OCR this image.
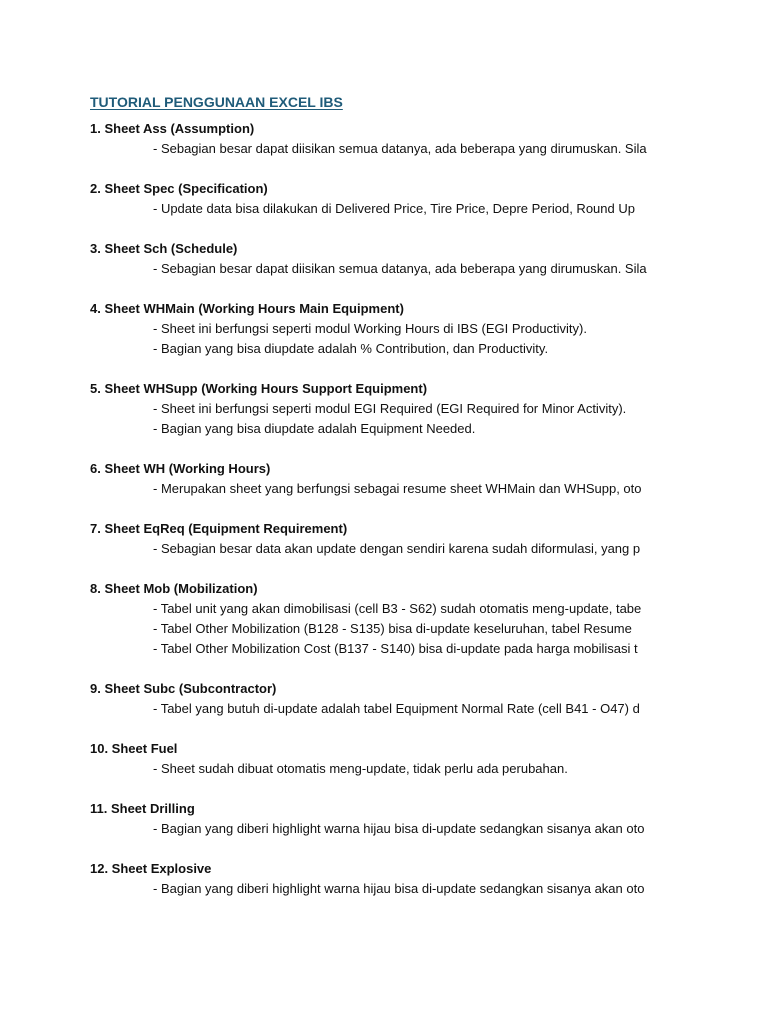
TUTORIAL PENGGUNAAN EXCEL IBS
1. Sheet Ass (Assumption)
- Sebagian besar dapat diisikan semua datanya, ada beberapa yang dirumuskan. Sila
2. Sheet Spec (Specification)
- Update data bisa dilakukan di Delivered Price, Tire Price, Depre Period, Round Up
3. Sheet Sch (Schedule)
- Sebagian besar dapat diisikan semua datanya, ada beberapa yang dirumuskan. Sila
4. Sheet WHMain (Working Hours Main Equipment)
- Sheet ini berfungsi seperti modul Working Hours di IBS (EGI Productivity).
- Bagian yang bisa diupdate adalah % Contribution, dan Productivity.
5. Sheet WHSupp (Working Hours Support Equipment)
- Sheet ini berfungsi seperti modul EGI Required (EGI Required for Minor Activity).
- Bagian yang bisa diupdate adalah Equipment Needed.
6. Sheet WH (Working Hours)
- Merupakan sheet yang berfungsi sebagai resume sheet WHMain dan WHSupp, oto
7. Sheet EqReq (Equipment Requirement)
- Sebagian besar data akan update dengan sendiri karena sudah diformulasi, yang p
8. Sheet Mob (Mobilization)
- Tabel unit yang akan dimobilisasi (cell B3 - S62) sudah otomatis meng-update, tabe
- Tabel Other Mobilization (B128 - S135) bisa di-update keseluruhan, tabel Resume
- Tabel Other Mobilization Cost (B137 - S140) bisa di-update pada harga mobilisasi t
9. Sheet Subc (Subcontractor)
- Tabel yang butuh di-update adalah tabel Equipment Normal Rate (cell B41 - O47) d
10. Sheet Fuel
- Sheet sudah dibuat otomatis meng-update, tidak perlu ada perubahan.
11. Sheet Drilling
- Bagian yang diberi highlight warna hijau bisa di-update sedangkan sisanya akan oto
12. Sheet Explosive
- Bagian yang diberi highlight warna hijau bisa di-update sedangkan sisanya akan oto
